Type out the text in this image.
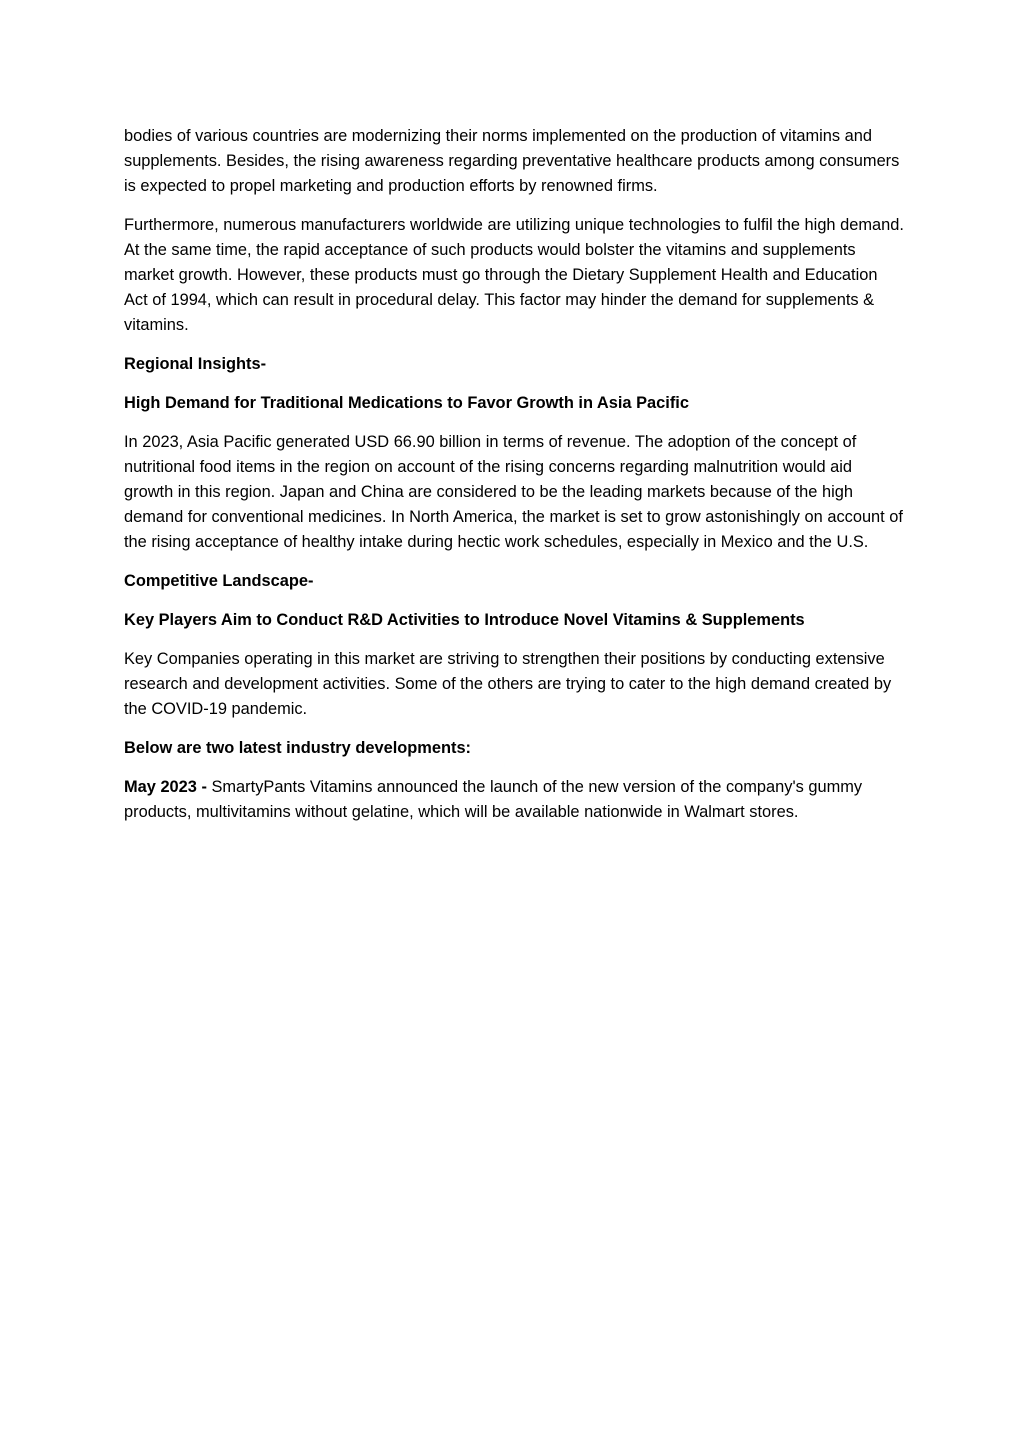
bodies of various countries are modernizing their norms implemented on the production of vitamins and supplements. Besides, the rising awareness regarding preventative healthcare products among consumers is expected to propel marketing and production efforts by renowned firms.

Furthermore, numerous manufacturers worldwide are utilizing unique technologies to fulfil the high demand. At the same time, the rapid acceptance of such products would bolster the vitamins and supplements market growth. However, these products must go through the Dietary Supplement Health and Education Act of 1994, which can result in procedural delay. This factor may hinder the demand for supplements & vitamins.

Regional Insights-

High Demand for Traditional Medications to Favor Growth in Asia Pacific

In 2023, Asia Pacific generated USD 66.90 billion in terms of revenue. The adoption of the concept of nutritional food items in the region on account of the rising concerns regarding malnutrition would aid growth in this region. Japan and China are considered to be the leading markets because of the high demand for conventional medicines. In North America, the market is set to grow astonishingly on account of the rising acceptance of healthy intake during hectic work schedules, especially in Mexico and the U.S.

Competitive Landscape-

Key Players Aim to Conduct R&D Activities to Introduce Novel Vitamins & Supplements

Key Companies operating in this market are striving to strengthen their positions by conducting extensive research and development activities. Some of the others are trying to cater to the high demand created by the COVID-19 pandemic.

Below are two latest industry developments:

May 2023 - SmartyPants Vitamins announced the launch of the new version of the company's gummy products, multivitamins without gelatine, which will be available nationwide in Walmart stores.
